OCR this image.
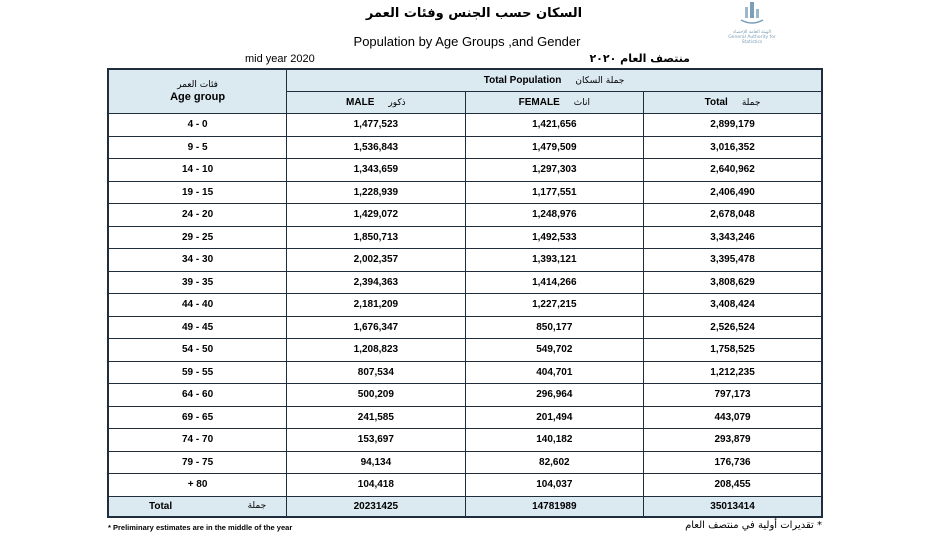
السكان حسب الجنس وفئات العمر
Population by Age Groups ,and Gender
الهيئة العامة للإحصاء
General Authority for Statistics
mid year 2020	منتصف العام ٢٠٢٠
فئات العمر
Age group	Total Population جملة السكان		

	MALE ذكور	FEMALE اناث	Total جملة

4 - 0	1,477,523	1,421,656	2,899,179
9 - 5	1,536,843	1,479,509	3,016,352
14 - 10	1,343,659	1,297,303	2,640,962
19 - 15	1,228,939	1,177,551	2,406,490
24 - 20	1,429,072	1,248,976	2,678,048
29 - 25	1,850,713	1,492,533	3,343,246
34 - 30	2,002,357	1,393,121	3,395,478
39 - 35	2,394,363	1,414,266	3,808,629
44 - 40	2,181,209	1,227,215	3,408,424
49 - 45	1,676,347	850,177	2,526,524
54 - 50	1,208,823	549,702	1,758,525
59 - 55	807,534	404,701	1,212,235
64 - 60	500,209	296,964	797,173
69 - 65	241,585	201,494	443,079
74 - 70	153,697	140,182	293,879
79 - 75	94,134	82,602	176,736
+ 80	104,418	104,037	208,455

Total جملة	20231425	14781989	35013414
* Preliminary estimates are in the middle of the year	* تقديرات أولية في منتصف العام
